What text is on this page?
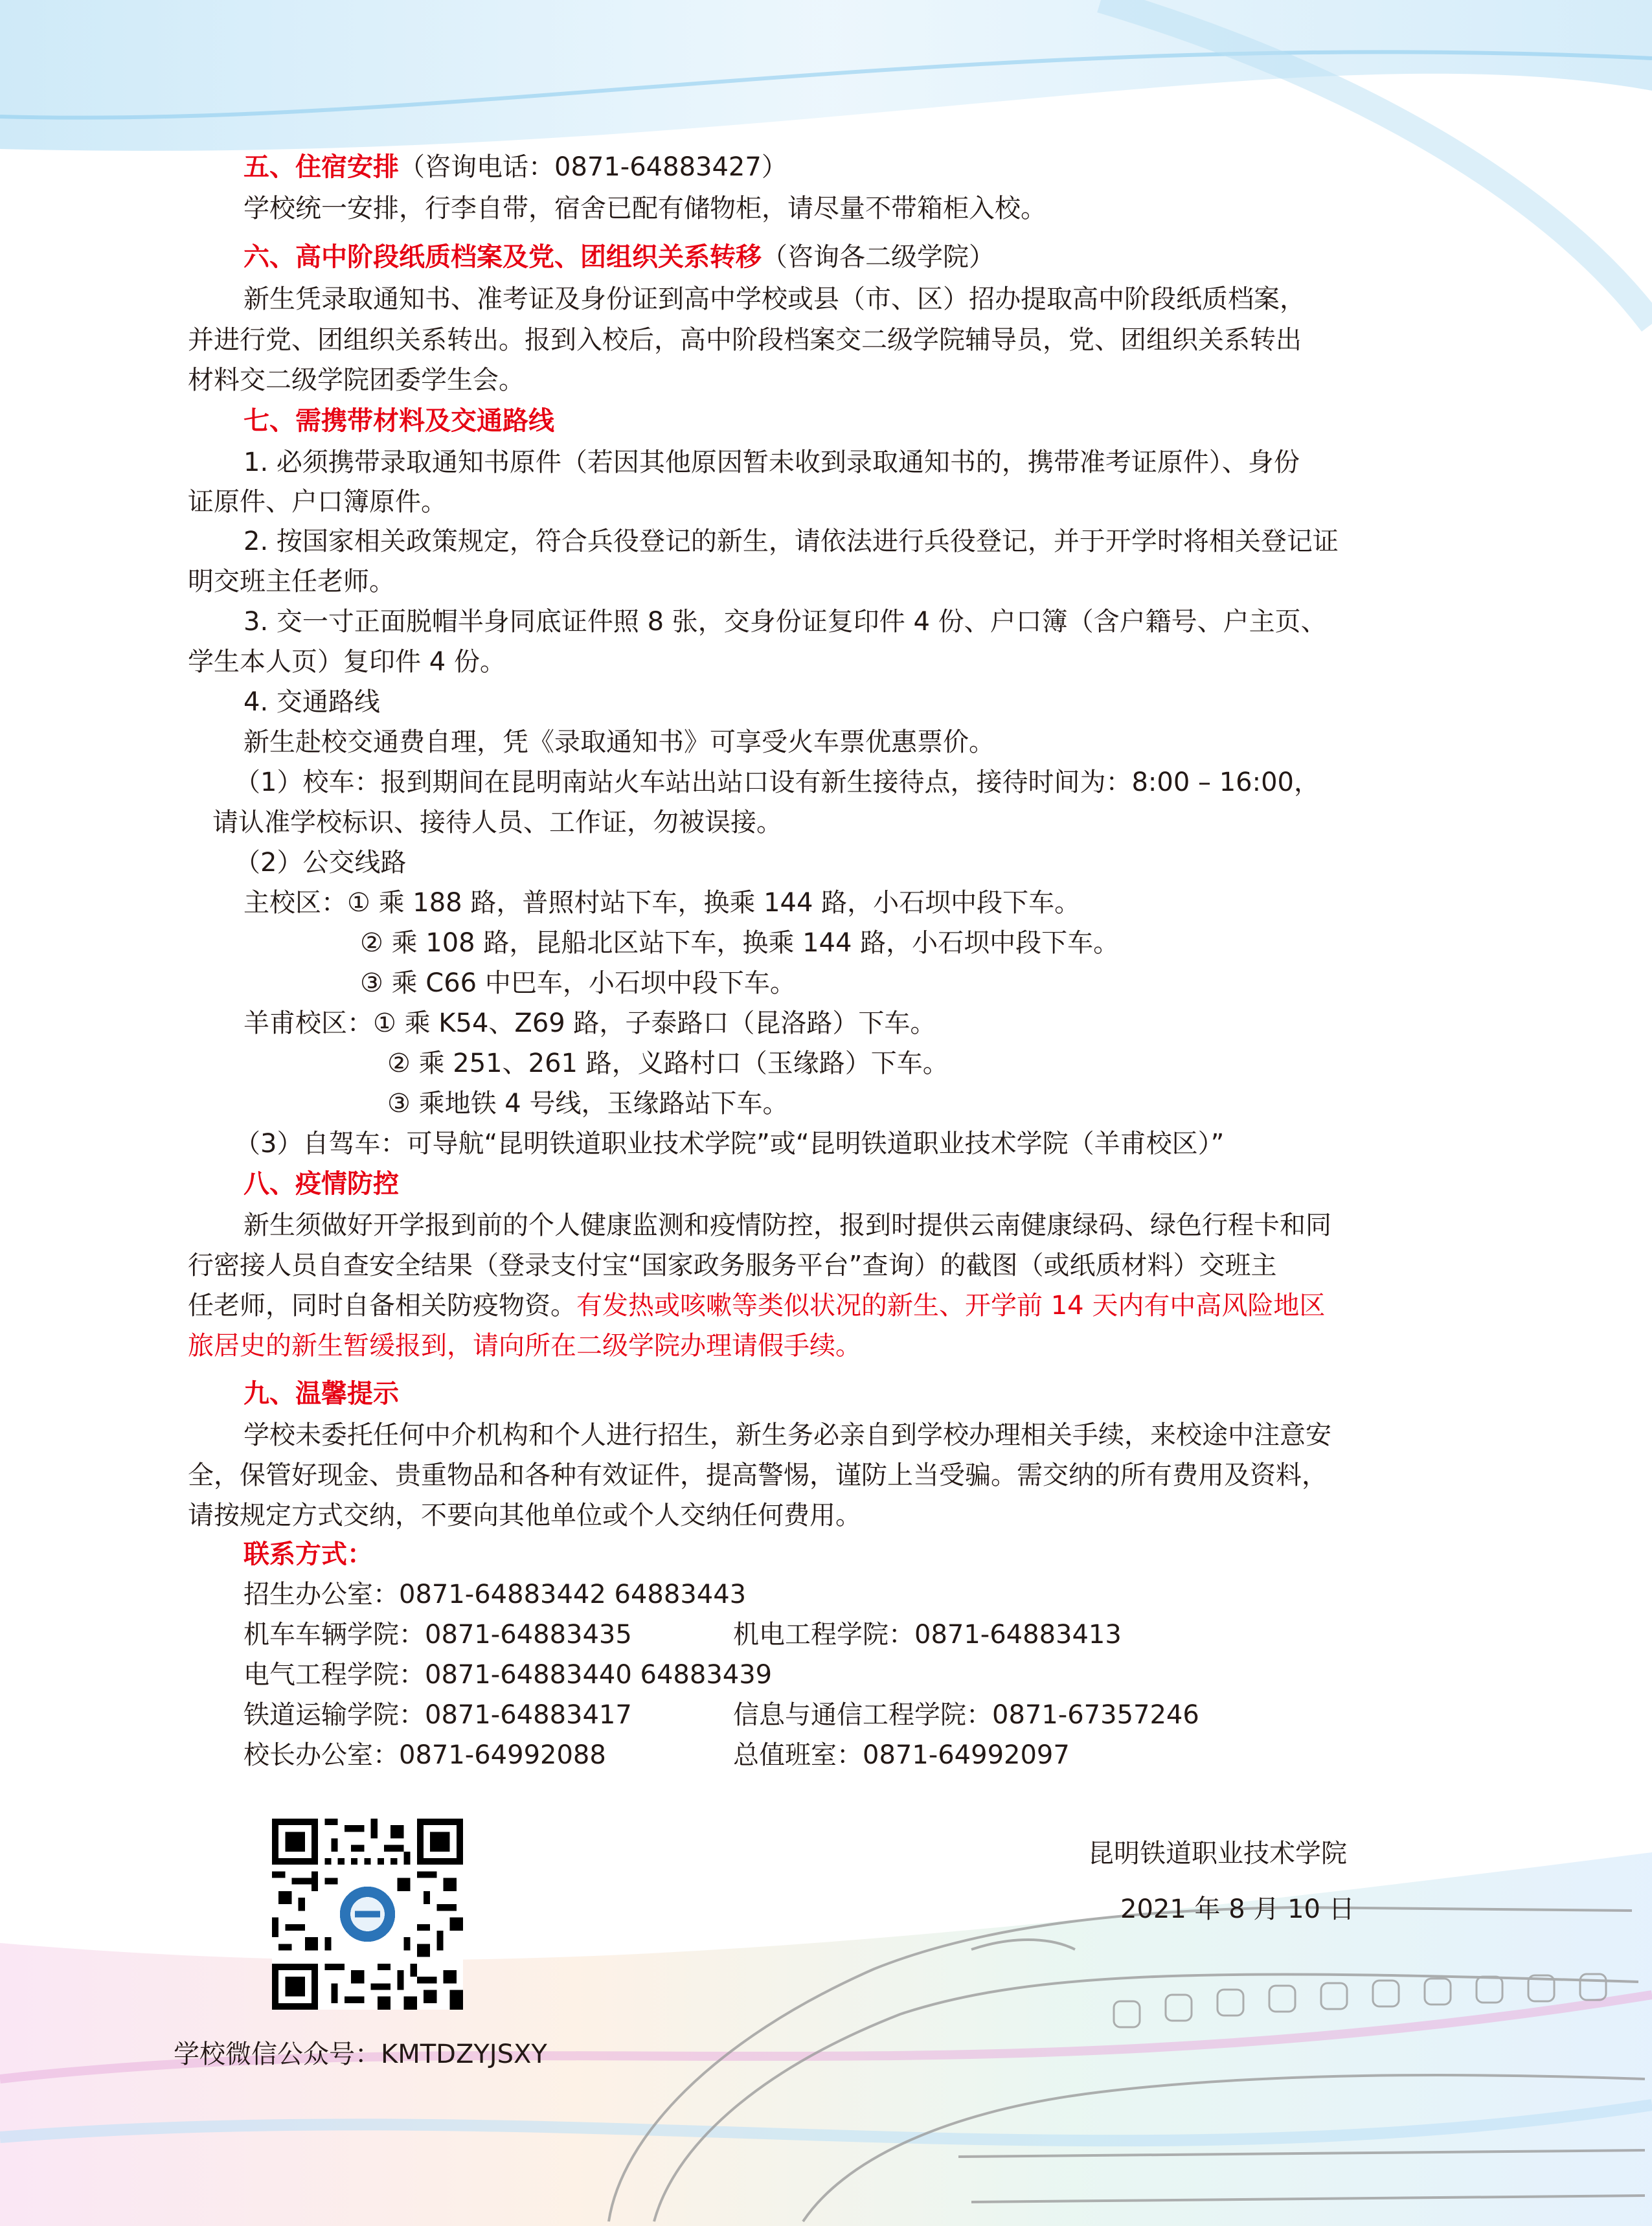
五、住宿安排（咨询电话：0871-64883427）
学校统一安排，行李自带，宿舍已配有储物柜，请尽量不带箱柜入校。
六、高中阶段纸质档案及党、团组织关系转移（咨询各二级学院）
新生凭录取通知书、准考证及身份证到高中学校或县（市、区）招办提取高中阶段纸质档案，
并进行党、团组织关系转出。报到入校后，高中阶段档案交二级学院辅导员，党、团组织关系转出
材料交二级学院团委学生会。
七、需携带材料及交通路线
1. 必须携带录取通知书原件（若因其他原因暂未收到录取通知书的，携带准考证原件）、身份
证原件、户口簿原件。
2. 按国家相关政策规定，符合兵役登记的新生，请依法进行兵役登记，并于开学时将相关登记证
明交班主任老师。
3. 交一寸正面脱帽半身同底证件照 8 张，交身份证复印件 4 份、户口簿（含户籍号、户主页、
学生本人页）复印件 4 份。
4. 交通路线
新生赴校交通费自理，凭《录取通知书》可享受火车票优惠票价。
（1）校车：报到期间在昆明南站火车站出站口设有新生接待点，接待时间为：8:00 – 16:00，
请认准学校标识、接待人员、工作证，勿被误接。
（2）公交线路
主校区：① 乘 188 路，普照村站下车，换乘 144 路，小石坝中段下车。
② 乘 108 路，昆船北区站下车，换乘 144 路，小石坝中段下车。
③ 乘 C66 中巴车，小石坝中段下车。
羊甫校区：① 乘 K54、Z69 路，子泰路口（昆洛路）下车。
② 乘 251、261 路，义路村口（玉缘路）下车。
③ 乘地铁 4 号线，玉缘路站下车。
（3）自驾车：可导航“昆明铁道职业技术学院”或“昆明铁道职业技术学院（羊甫校区）”
八、疫情防控
新生须做好开学报到前的个人健康监测和疫情防控，报到时提供云南健康绿码、绿色行程卡和同
行密接人员自查安全结果（登录支付宝“国家政务服务平台”查询）的截图（或纸质材料）交班主
任老师，同时自备相关防疫物资。有发热或咳嗽等类似状况的新生、开学前 14 天内有中高风险地区
旅居史的新生暂缓报到，请向所在二级学院办理请假手续。
九、温馨提示
学校未委托任何中介机构和个人进行招生，新生务必亲自到学校办理相关手续，来校途中注意安
全，保管好现金、贵重物品和各种有效证件，提高警惕，谨防上当受骗。需交纳的所有费用及资料，
请按规定方式交纳，不要向其他单位或个人交纳任何费用。
联系方式：
招生办公室：0871-64883442 64883443
机车车辆学院：0871-64883435	机电工程学院：0871-64883413
电气工程学院：0871-64883440 64883439
铁道运输学院：0871-64883417	信息与通信工程学院：0871-67357246
校长办公室：0871-64992088	总值班室：0871-64992097
昆明铁道职业技术学院
2021 年 8 月 10 日
学校微信公众号：KMTDZYJSXY
